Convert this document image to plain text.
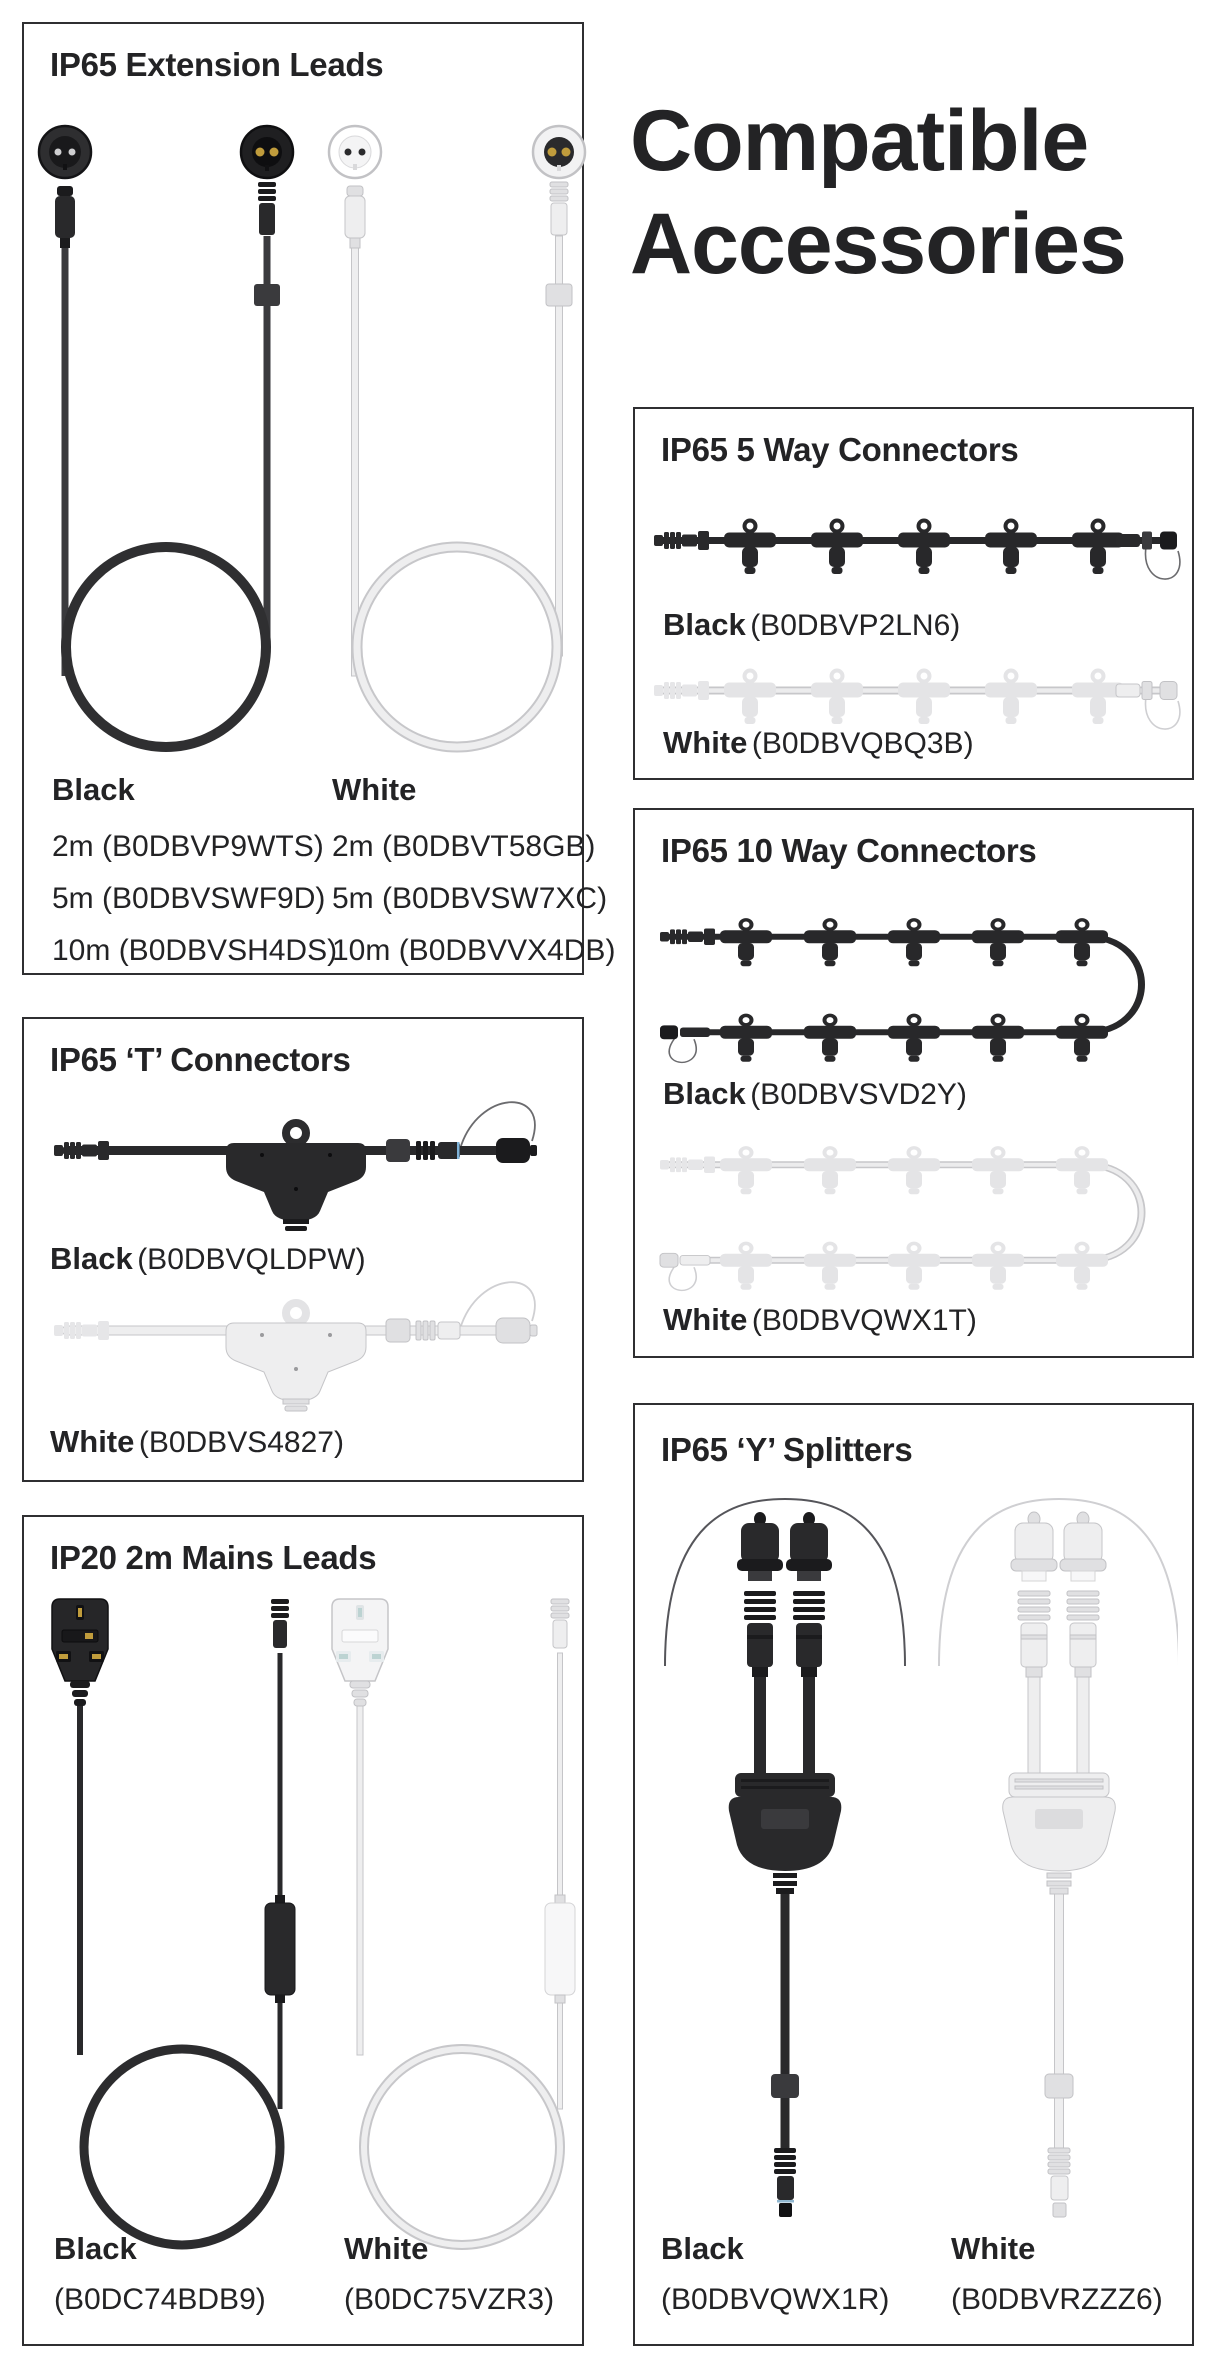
Compatible
Accessories
IP65 Extension Leads
Black	White
2m (B0DBVP9WTS)
5m (B0DBVSWF9D)
10m (B0DBVSH4DS)
2m (B0DBVT58GB)
5m (B0DBVSW7XC)
10m (B0DBVVX4DB)
IP65 ‘T’ Connectors
Black (B0DBVQLDPW)
White (B0DBVS4827)
IP20 2m Mains Leads
Black
(B0DC74BDB9)
White
(B0DC75VZR3)
IP65 5 Way Connectors
Black (B0DBVP2LN6)
White (B0DBVQBQ3B)
IP65 10 Way Connectors
Black (B0DBVSVD2Y)
White (B0DBVQWX1T)
IP65 ‘Y’ Splitters
Black
(B0DBVQWX1R)
White
(B0DBVRZZZ6)
